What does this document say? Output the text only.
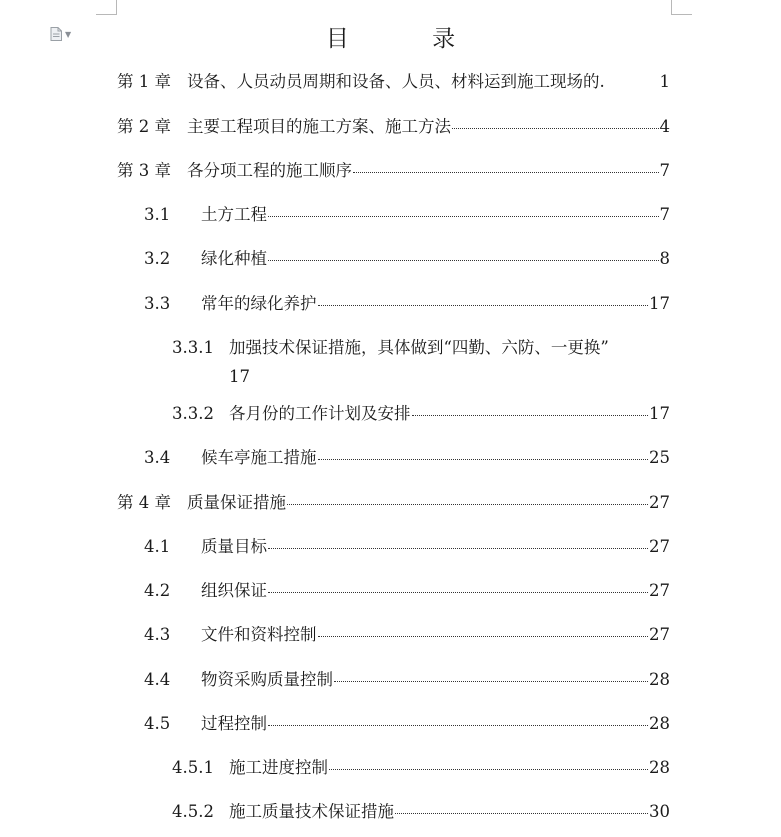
▼	目 录
第 1 章 设备、人员动员周期和设备、人员、材料运到施工现场的.	1
第 2 章 主要工程项目的施工方案、施工方法	4
第 3 章 各分项工程的施工顺序	7
3.1	土方工程	7
3.2	绿化种植	8
3.3	常年的绿化养护	17
3.3.1 加强技术保证措施，具体做到“四勤、六防、一更换”
17
3.3.2 各月份的工作计划及安排	17
3.4	候车亭施工措施	25
第 4 章 质量保证措施	27
4.1	质量目标	27
4.2	组织保证	27
4.3	文件和资料控制	27
4.4	物资采购质量控制	28
4.5	过程控制	28
4.5.1 施工进度控制	28
4.5.2 施工质量技术保证措施	30
